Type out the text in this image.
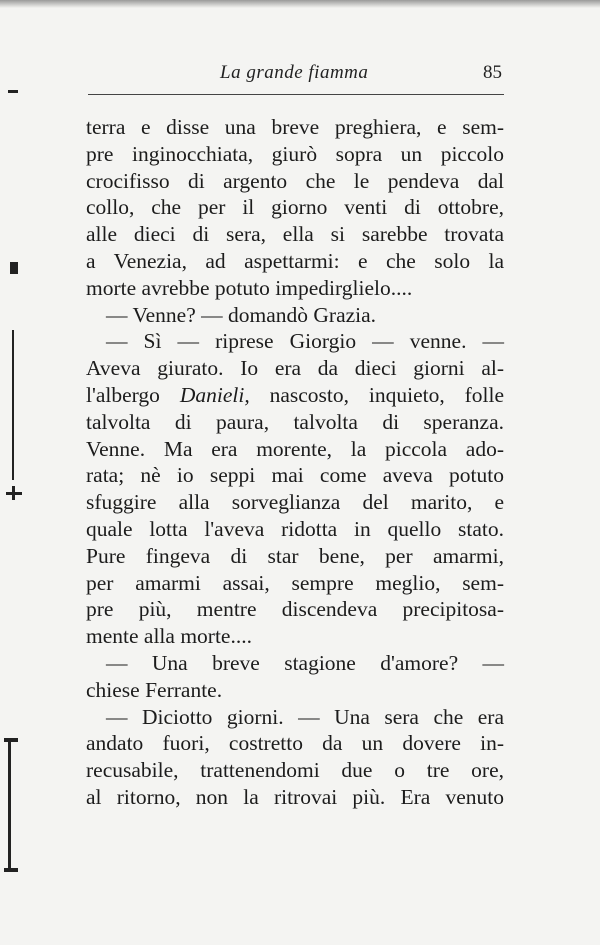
La grande fiamma	85
terra e disse una breve preghiera, e sem-
pre inginocchiata, giurò sopra un piccolo
crocifisso di argento che le pendeva dal
collo, che per il giorno venti di ottobre,
alle dieci di sera, ella si sarebbe trovata
a Venezia, ad aspettarmi: e che solo la
morte avrebbe potuto impedirglielo....
— Venne? — domandò Grazia.
— Sì — riprese Giorgio — venne. —
Aveva giurato. Io era da dieci giorni al-
l'albergo Danieli, nascosto, inquieto, folle
talvolta di paura, talvolta di speranza.
Venne. Ma era morente, la piccola ado-
rata; nè io seppi mai come aveva potuto
sfuggire alla sorveglianza del marito, e
quale lotta l'aveva ridotta in quello stato.
Pure fingeva di star bene, per amarmi,
per amarmi assai, sempre meglio, sem-
pre più, mentre discendeva precipitosa-
mente alla morte....
— Una breve stagione d'amore? —
chiese Ferrante.
— Diciotto giorni. — Una sera che era
andato fuori, costretto da un dovere in-
recusabile, trattenendomi due o tre ore,
al ritorno, non la ritrovai più. Era venuto
